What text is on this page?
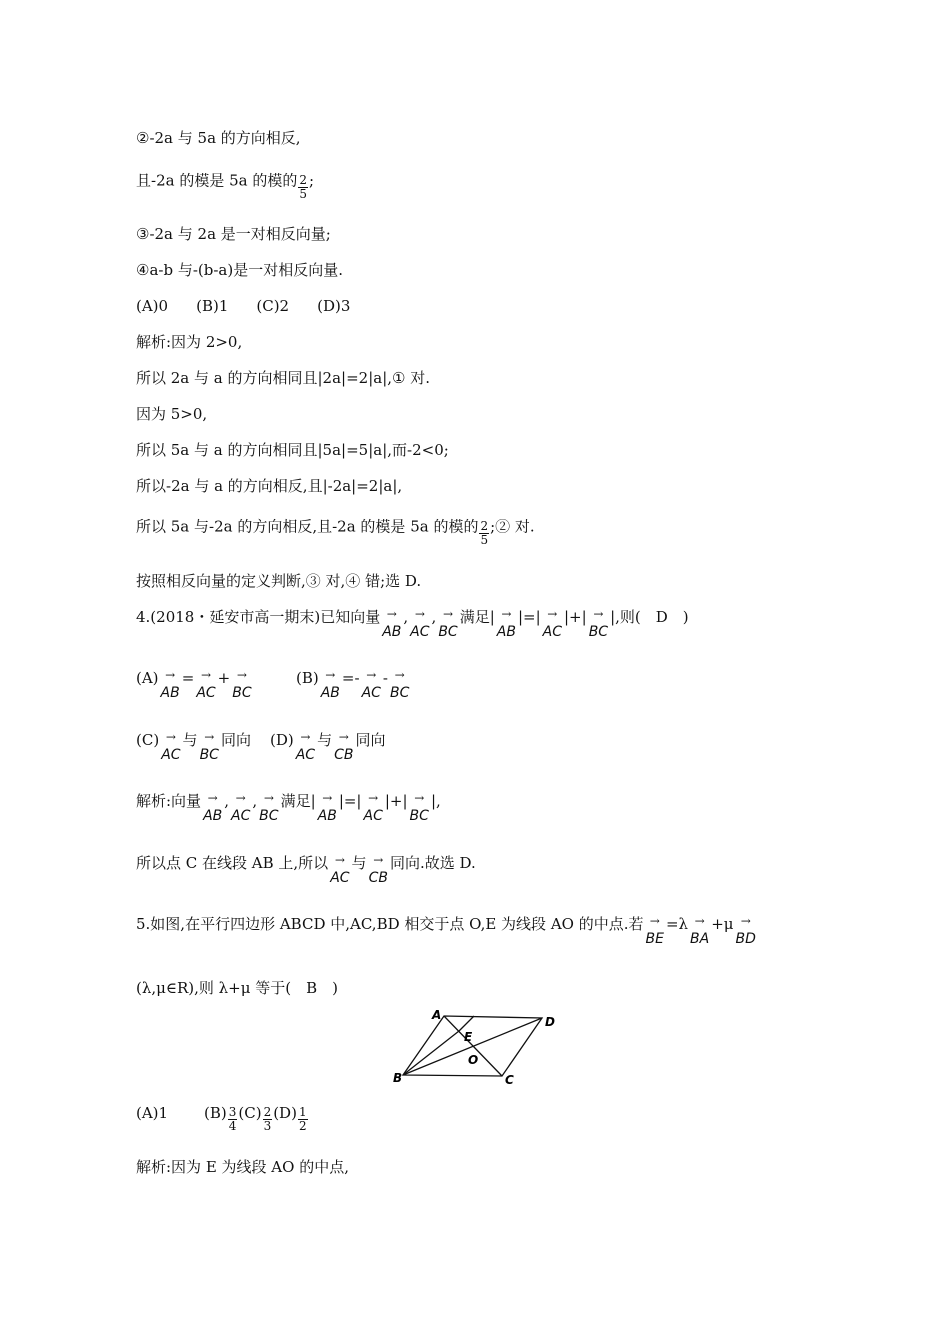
②-2a 与 5a 的方向相反,
且-2a 的模是 5a 的模的 $\frac{2}{5}$ ;
③-2a 与 2a 是一对相反向量;
④a-b 与-(b-a)是一对相反向量.
(A)0 (B)1 (C)2 (D)3
解析:因为 2>0,
所以 2a 与 a 的方向相同且|2a|=2|a|,① 对.
因为 5>0,
所以 5a 与 a 的方向相同且|5a|=5|a|,而-2<0;
所以-2a 与 a 的方向相反,且|-2a|=2|a|,
所以 5a 与-2a 的方向相反,且-2a 的模是 5a 的模的 $\frac{2}{5}$ ;② 对.
按照相反向量的定义判断,③ 对,④ 错;选 D.
4.(2018・延安市高一期末)已知向量 →
AB
, →
AC
, →
BC
满足| →
AB
|=| →
AC
|+| →
BC
|,则(　D　)
(A) →
AB
= →
AC
+ →
BC
(B) →
AB
=- →
AC
- →
BC
(C) →
AC
与 →
BC
同向 (D) →
AC
与 →
CB
同向
解析:向量 →
AB
, →
AC
, →
BC
满足| →
AB
|=| →
AC
|+| →
BC
|,
所以点 C 在线段 AB 上,所以 →
AC
与 →
CB
同向.故选 D.
5.如图,在平行四边形 ABCD 中,AC,BD 相交于点 O,E 为线段 AO 的中点.若 →
BE
=λ →
BA
+μ →
BD
(λ,μ∈R),则 λ+μ 等于(　B　)
A
B	C
D
E
O
(A)1 $(B) \frac{3}{4} (C) \frac{2}{3} (D) \frac{1}{2}$
解析:因为 E 为线段 AO 的中点,
